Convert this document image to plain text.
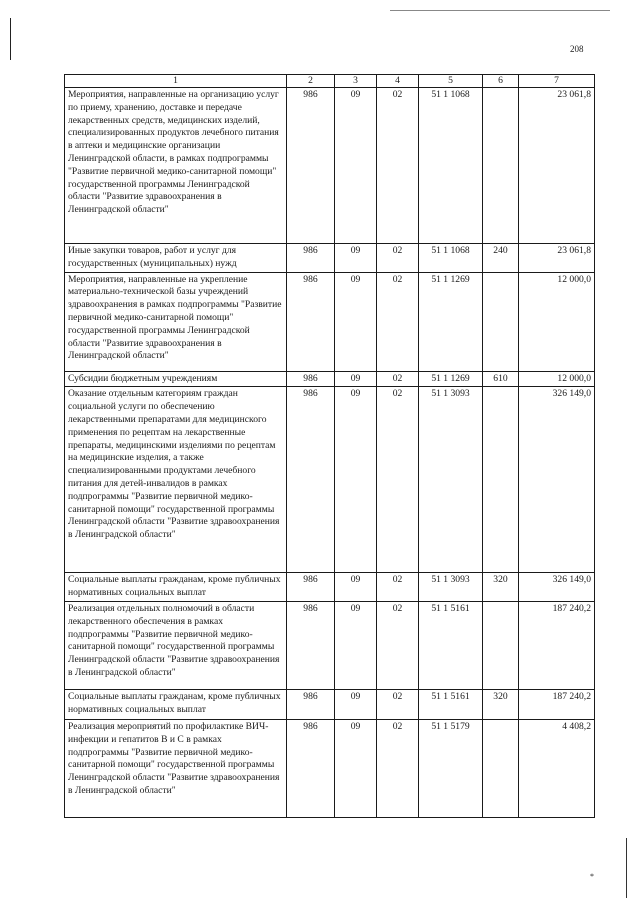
208
1	2	3	4	5	6	7
Мероприятия, направленные на организацию услуг по приему, хранению, доставке и передаче лекарственных средств, медицинских изделий, специализированных продуктов лечебного питания в аптеки и медицинские организации Ленинградской области, в рамках подпрограммы "Развитие первичной медико-санитарной помощи" государственной программы Ленинградской области "Развитие здравоохранения в Ленинградской области"	986	09	02	51 1 1068		23 061,8
Иные закупки товаров, работ и услуг для государственных (муниципальных) нужд	986	09	02	51 1 1068	240	23 061,8
Мероприятия, направленные на укрепление материально-технической базы учреждений здравоохранения в рамках подпрограммы "Развитие первичной медико-санитарной помощи" государственной программы Ленинградской области "Развитие здравоохранения в Ленинградской области"	986	09	02	51 1 1269		12 000,0
Субсидии бюджетным учреждениям	986	09	02	51 1 1269	610	12 000,0
Оказание отдельным категориям граждан социальной услуги по обеспечению лекарственными препаратами для медицинского применения по рецептам на лекарственные препараты, медицинскими изделиями по рецептам на медицинские изделия, а также специализированными продуктами лечебного питания для детей-инвалидов в рамках подпрограммы "Развитие первичной медико-санитарной помощи" государственной программы Ленинградской области "Развитие здравоохранения в Ленинградской области"	986	09	02	51 1 3093		326 149,0
Социальные выплаты гражданам, кроме публичных нормативных социальных выплат	986	09	02	51 1 3093	320	326 149,0
Реализация отдельных полномочий в области лекарственного обеспечения в рамках подпрограммы "Развитие первичной медико-санитарной помощи" государственной программы Ленинградской области "Развитие здравоохранения в Ленинградской области"	986	09	02	51 1 5161		187 240,2
Социальные выплаты гражданам, кроме публичных нормативных социальных выплат	986	09	02	51 1 5161	320	187 240,2
Реализация мероприятий по профилактике ВИЧ-инфекции и гепатитов В и С в рамках подпрограммы "Развитие первичной медико-санитарной помощи" государственной программы Ленинградской области "Развитие здравоохранения в Ленинградской области"	986	09	02	51 1 5179		4 408,2
*
